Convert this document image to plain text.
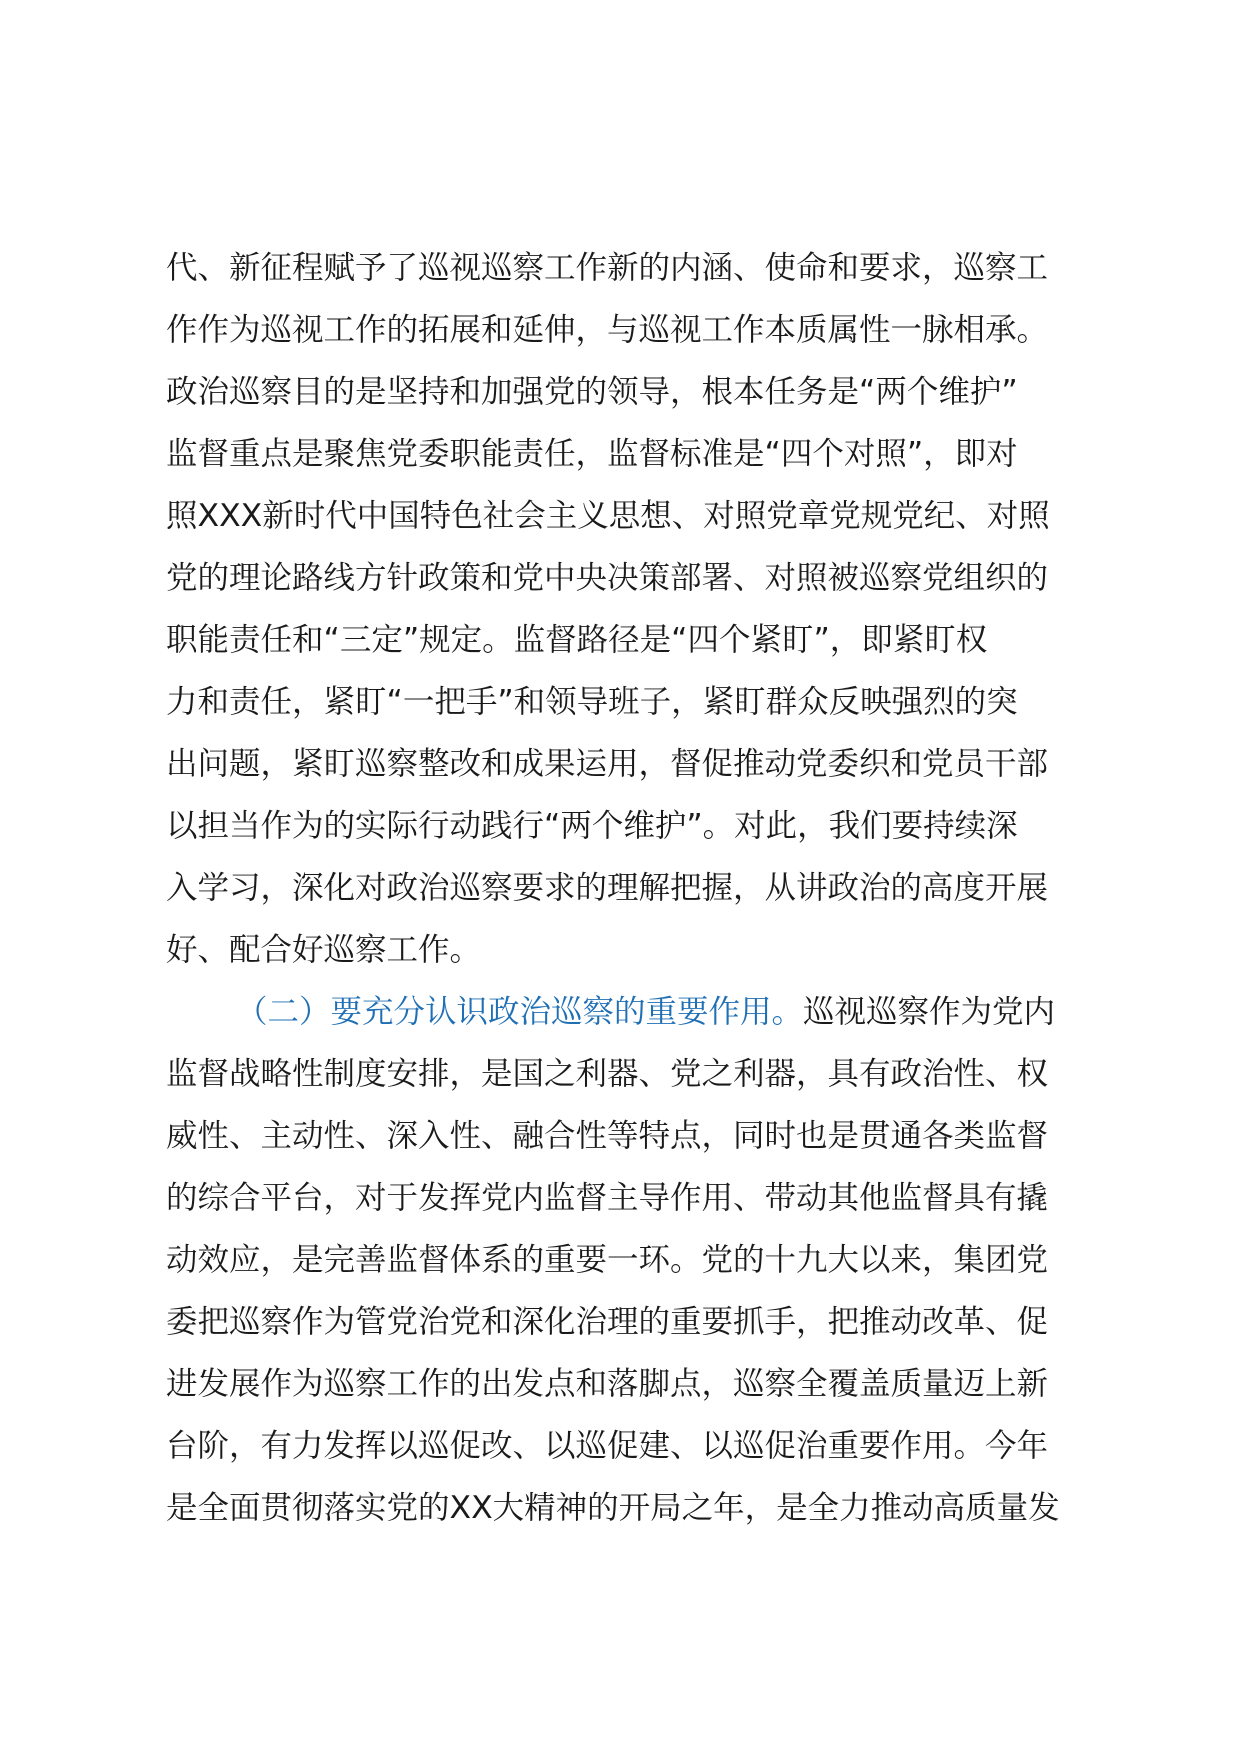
代、新征程赋予了巡视巡察工作新的内涵、使命和要求，巡察工
作作为巡视工作的拓展和延伸，与巡视工作本质属性一脉相承。
政治巡察目的是坚持和加强党的领导，根本任务是“两个维护”
监督重点是聚焦党委职能责任，监督标准是“四个对照”，即对
照XXX新时代中国特色社会主义思想、对照党章党规党纪、对照
党的理论路线方针政策和党中央决策部署、对照被巡察党组织的
职能责任和“三定”规定。监督路径是“四个紧盯”，即紧盯权
力和责任，紧盯“一把手”和领导班子，紧盯群众反映强烈的突
出问题，紧盯巡察整改和成果运用，督促推动党委织和党员干部
以担当作为的实际行动践行“两个维护”。对此，我们要持续深
入学习，深化对政治巡察要求的理解把握，从讲政治的高度开展
好、配合好巡察工作。
（二）要充分认识政治巡察的重要作用。巡视巡察作为党内
监督战略性制度安排，是国之利器、党之利器，具有政治性、权
威性、主动性、深入性、融合性等特点，同时也是贯通各类监督
的综合平台，对于发挥党内监督主导作用、带动其他监督具有撬
动效应，是完善监督体系的重要一环。党的十九大以来，集团党
委把巡察作为管党治党和深化治理的重要抓手，把推动改革、促
进发展作为巡察工作的出发点和落脚点，巡察全覆盖质量迈上新
台阶，有力发挥以巡促改、以巡促建、以巡促治重要作用。今年
是全面贯彻落实党的XX大精神的开局之年，是全力推动高质量发
